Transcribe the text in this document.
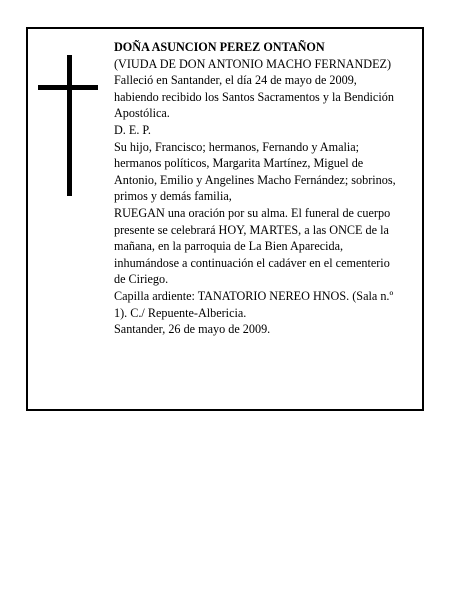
DOÑA ASUNCION PEREZ ONTAÑON

(VIUDA DE DON ANTONIO MACHO FERNANDEZ)

Falleció en Santander, el día 24 de mayo de 2009, habiendo recibido los Santos Sacramentos y la Bendición Apostólica.

D. E. P.

Su hijo, Francisco; hermanos, Fernando y Amalia; hermanos políticos, Margarita Martínez, Miguel de Antonio, Emilio y Angelines Macho Fernández; sobrinos, primos y demás familia,

RUEGAN una oración por su alma. El funeral de cuerpo presente se celebrará HOY, MARTES, a las ONCE de la mañana, en la parroquia de La Bien Aparecida, inhumándose a continuación el cadáver en el cementerio de Ciriego.

Capilla ardiente: TANATORIO NEREO HNOS. (Sala n.º 1). C./ Repuente-Albericia.

Santander, 26 de mayo de 2009.
